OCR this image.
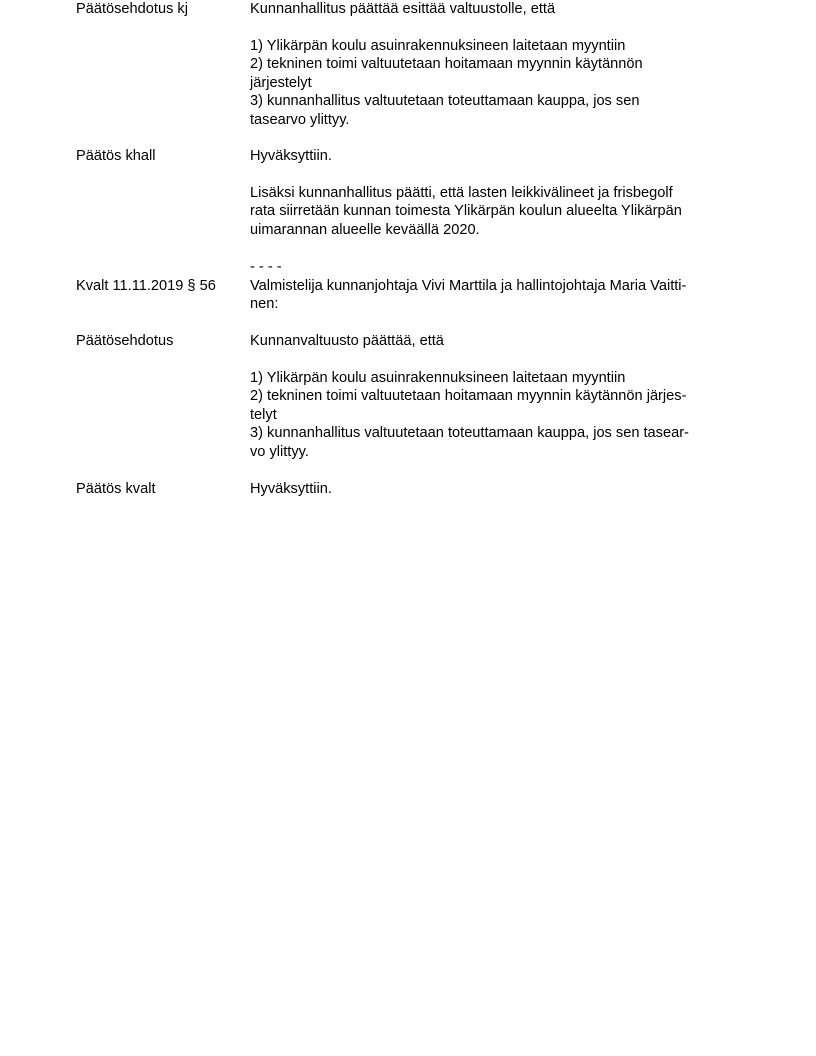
Päätösehdotus kj	Kunnanhallitus päättää esittää valtuustolle, että
1) Ylikärpän koulu asuinrakennuksineen laitetaan myyntiin
2) tekninen toimi valtuutetaan hoitamaan myynnin käytännön
järjestelyt
3) kunnanhallitus valtuutetaan toteuttamaan kauppa, jos sen
tasearvo ylittyy.
Päätös khall	Hyväksyttiin.
Lisäksi kunnanhallitus päätti, että lasten leikkivälineet ja frisbegolf
rata siirretään kunnan toimesta Ylikärpän koulun alueelta Ylikärpän
uimarannan alueelle keväällä 2020.
- - - -
Kvalt 11.11.2019 § 56	Valmistelija kunnanjohtaja Vivi Marttila ja hallintojohtaja Maria Vaitti-
nen:
Päätösehdotus	Kunnanvaltuusto päättää, että
1) Ylikärpän koulu asuinrakennuksineen laitetaan myyntiin
2) tekninen toimi valtuutetaan hoitamaan myynnin käytännön järjes-
telyt
3) kunnanhallitus valtuutetaan toteuttamaan kauppa, jos sen tasear-
vo ylittyy.
Päätös kvalt	Hyväksyttiin.
